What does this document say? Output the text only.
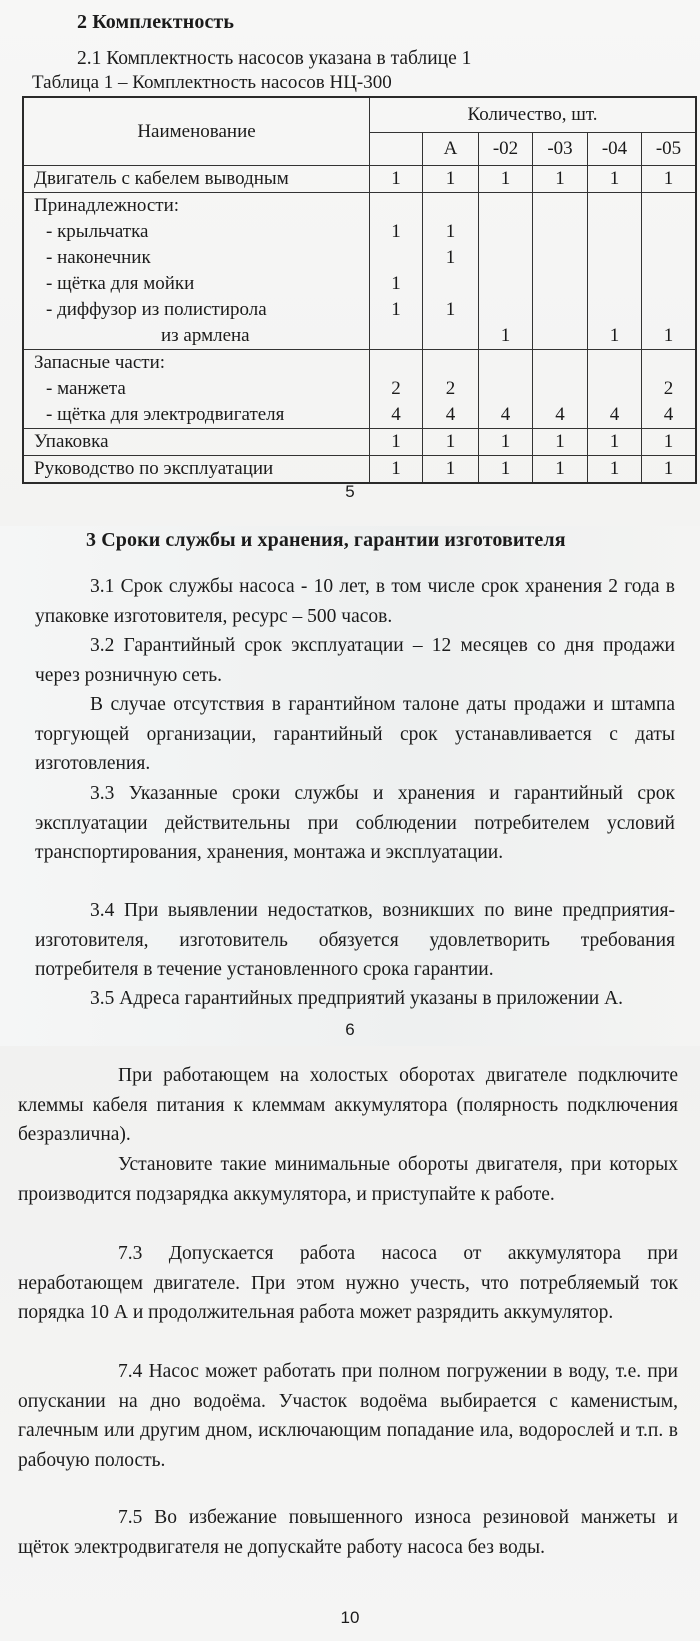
2 Комплектность
2.1 Комплектность насосов указана в таблице 1
Таблица 1 – Комплектность насосов НЦ-300
Наименование	Количество, шт.					
		А	-02	-03	-04	-05
Двигатель с кабелем выводным	1	1	1	1	1	1
Принадлежности:						
- крыльчатка	1	1				
- наконечник		1				
- щётка для мойки	1					
- диффузор из полистирола	1	1				
из армлена			1		1	1
Запасные части:						
- манжета	2	2				2
- щётка для электродвигателя	4	4	4	4	4	4
Упаковка	1	1	1	1	1	1
Руководство по эксплуатации	1	1	1	1	1	1
5
3 Сроки службы и хранения, гарантии изготовителя
3.1 Срок службы насоса - 10 лет, в том числе срок хранения 2 года в упаковке изготовителя, ресурс – 500 часов.
3.2 Гарантийный срок эксплуатации – 12 месяцев со дня продажи через розничную сеть.
В случае отсутствия в гарантийном талоне даты продажи и штампа торгующей организации, гарантийный срок устанавливается с даты изготовления.
3.3 Указанные сроки службы и хранения и гарантийный срок эксплуатации действительны при соблюдении потребителем условий транспортирования, хранения, монтажа и эксплуатации.
3.4 При выявлении недостатков, возникших по вине предприятия-изготовителя, изготовитель обязуется удовлетворить требования потребителя в течение установленного срока гарантии.
3.5 Адреса гарантийных предприятий указаны в приложении А.
6
При работающем на холостых оборотах двигателе подключите клеммы кабеля питания к клеммам аккумулятора (полярность подключения безразлична).
Установите такие минимальные обороты двигателя, при которых производится подзарядка аккумулятора, и приступайте к работе.
7.3 Допускается работа насоса от аккумулятора при неработающем двигателе. При этом нужно учесть, что потребляемый ток порядка 10 А и продолжительная работа может разрядить аккумулятор.
7.4 Насос может работать при полном погружении в воду, т.е. при опускании на дно водоёма. Участок водоёма выбирается с каменистым, галечным или другим дном, исключающим попадание ила, водорослей и т.п. в рабочую полость.
7.5 Во избежание повышенного износа резиновой манжеты и щёток электродвигателя не допускайте работу насоса без воды.
10
